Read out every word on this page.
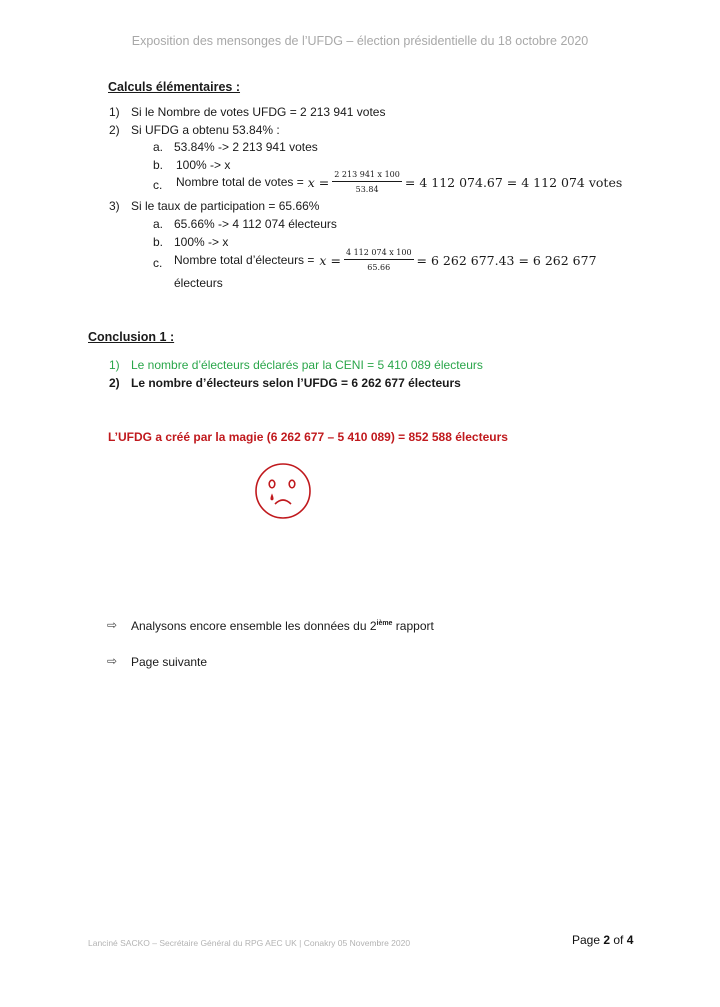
Exposition des mensonges de l’UFDG – élection présidentielle du 18 octobre 2020
Calculs élémentaires :
1) Si le Nombre de votes UFDG = 2 213 941 votes
2) Si UFDG a obtenu 53.84% :
a. 53.84% -> 2 213 941 votes
b. 100% -> x
c. Nombre total de votes = $x = \frac{2 213 941 x 100}{53.84} = 4$ 112 074.67 = 4 112 074 votes
3) Si le taux de participation = 65.66%
a. 65.66% -> 4 112 074 électeurs
b. 100% -> x
c. Nombre total d’électeurs = $x = \frac{4 112 074 x 100}{65.66} = 6$ 262 677.43 = 6 262 677
électeurs
Conclusion 1 :
1) Le nombre d’électeurs déclarés par la CENI = 5 410 089 électeurs
2) Le nombre d’électeurs selon l’UFDG = 6 262 677 électeurs
L’UFDG a créé par la magie (6 262 677 – 5 410 089) = 852 588 électeurs
⇨ Analysons encore ensemble les données du 2ième rapport
⇨ Page suivante
Lanciné SACKO – Secrétaire Général du RPG AEC UK | Conakry 05 Novembre 2020	Page 2 of 4
